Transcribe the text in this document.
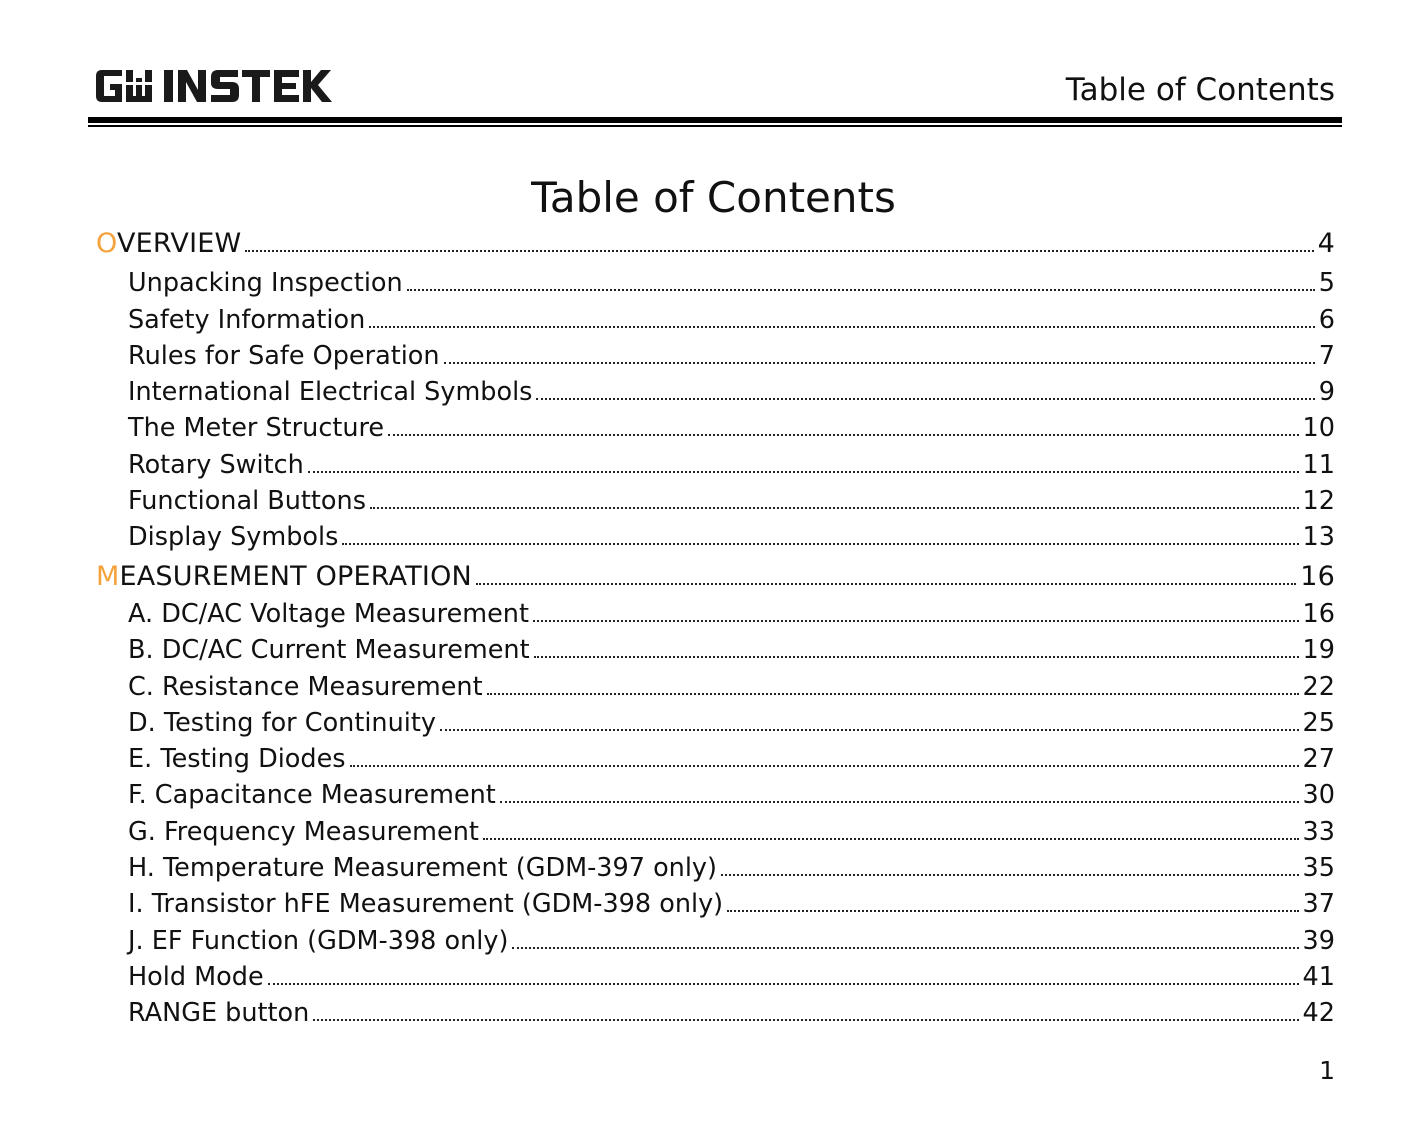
Table of Contents
Table of Contents
OVERVIEW	4
Unpacking Inspection	5
Safety Information	6
Rules for Safe Operation	7
International Electrical Symbols	9
The Meter Structure	10
Rotary Switch	11
Functional Buttons	12
Display Symbols	13
MEASUREMENT OPERATION	16
A. DC/AC Voltage Measurement	16
B. DC/AC Current Measurement	19
C. Resistance Measurement	22
D. Testing for Continuity	25
E. Testing Diodes	27
F. Capacitance Measurement	30
G. Frequency Measurement	33
H. Temperature Measurement (GDM-397 only)	35
I. Transistor hFE Measurement (GDM-398 only)	37
J. EF Function (GDM-398 only)	39
Hold Mode	41
RANGE button	42
1
